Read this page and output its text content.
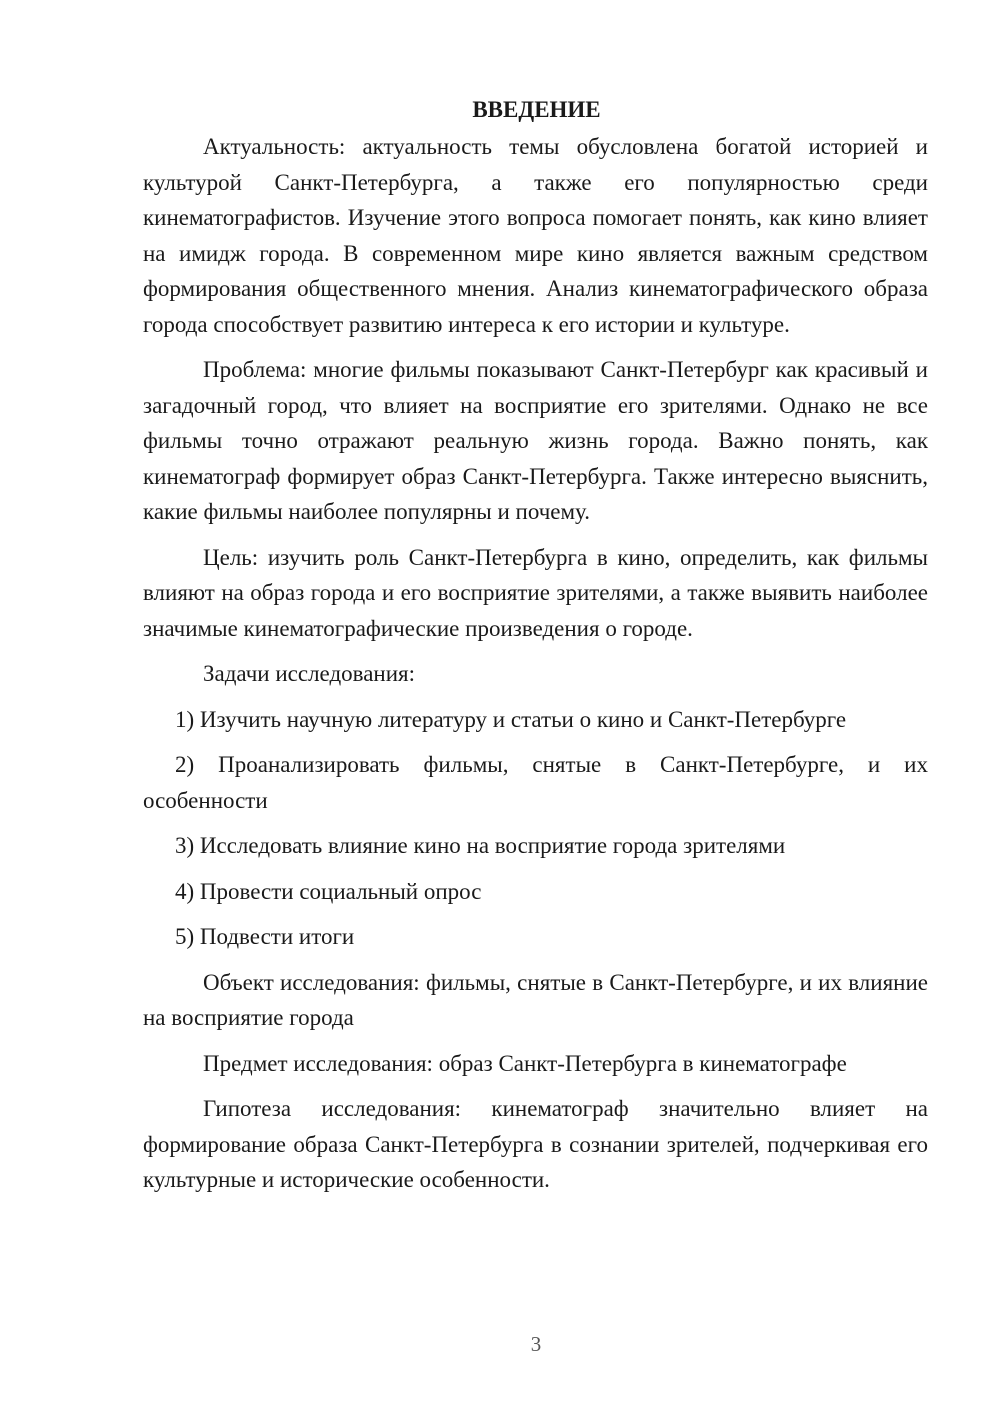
ВВЕДЕНИЕ

Актуальность: актуальность темы обусловлена богатой историей и культурой Санкт-Петербурга, а также его популярностью среди кинематографистов. Изучение этого вопроса помогает понять, как кино влияет на имидж города. В современном мире кино является важным средством формирования общественного мнения. Анализ кинематографического образа города способствует развитию интереса к его истории и культуре.

Проблема: многие фильмы показывают Санкт-Петербург как красивый и загадочный город, что влияет на восприятие его зрителями. Однако не все фильмы точно отражают реальную жизнь города. Важно понять, как кинематограф формирует образ Санкт-Петербурга. Также интересно выяснить, какие фильмы наиболее популярны и почему.

Цель: изучить роль Санкт-Петербурга в кино, определить, как фильмы влияют на образ города и его восприятие зрителями, а также выявить наиболее значимые кинематографические произведения о городе.

Задачи исследования:

1) Изучить научную литературу и статьи о кино и Санкт-Петербурге

2) Проанализировать фильмы, снятые в Санкт-Петербурге, и их особенности

3) Исследовать влияние кино на восприятие города зрителями

4) Провести социальный опрос

5) Подвести итоги

Объект исследования: фильмы, снятые в Санкт-Петербурге, и их влияние на восприятие города

Предмет исследования: образ Санкт-Петербурга в кинематографе

Гипотеза исследования: кинематограф значительно влияет на формирование образа Санкт-Петербурга в сознании зрителей, подчеркивая его культурные и исторические особенности.

3
